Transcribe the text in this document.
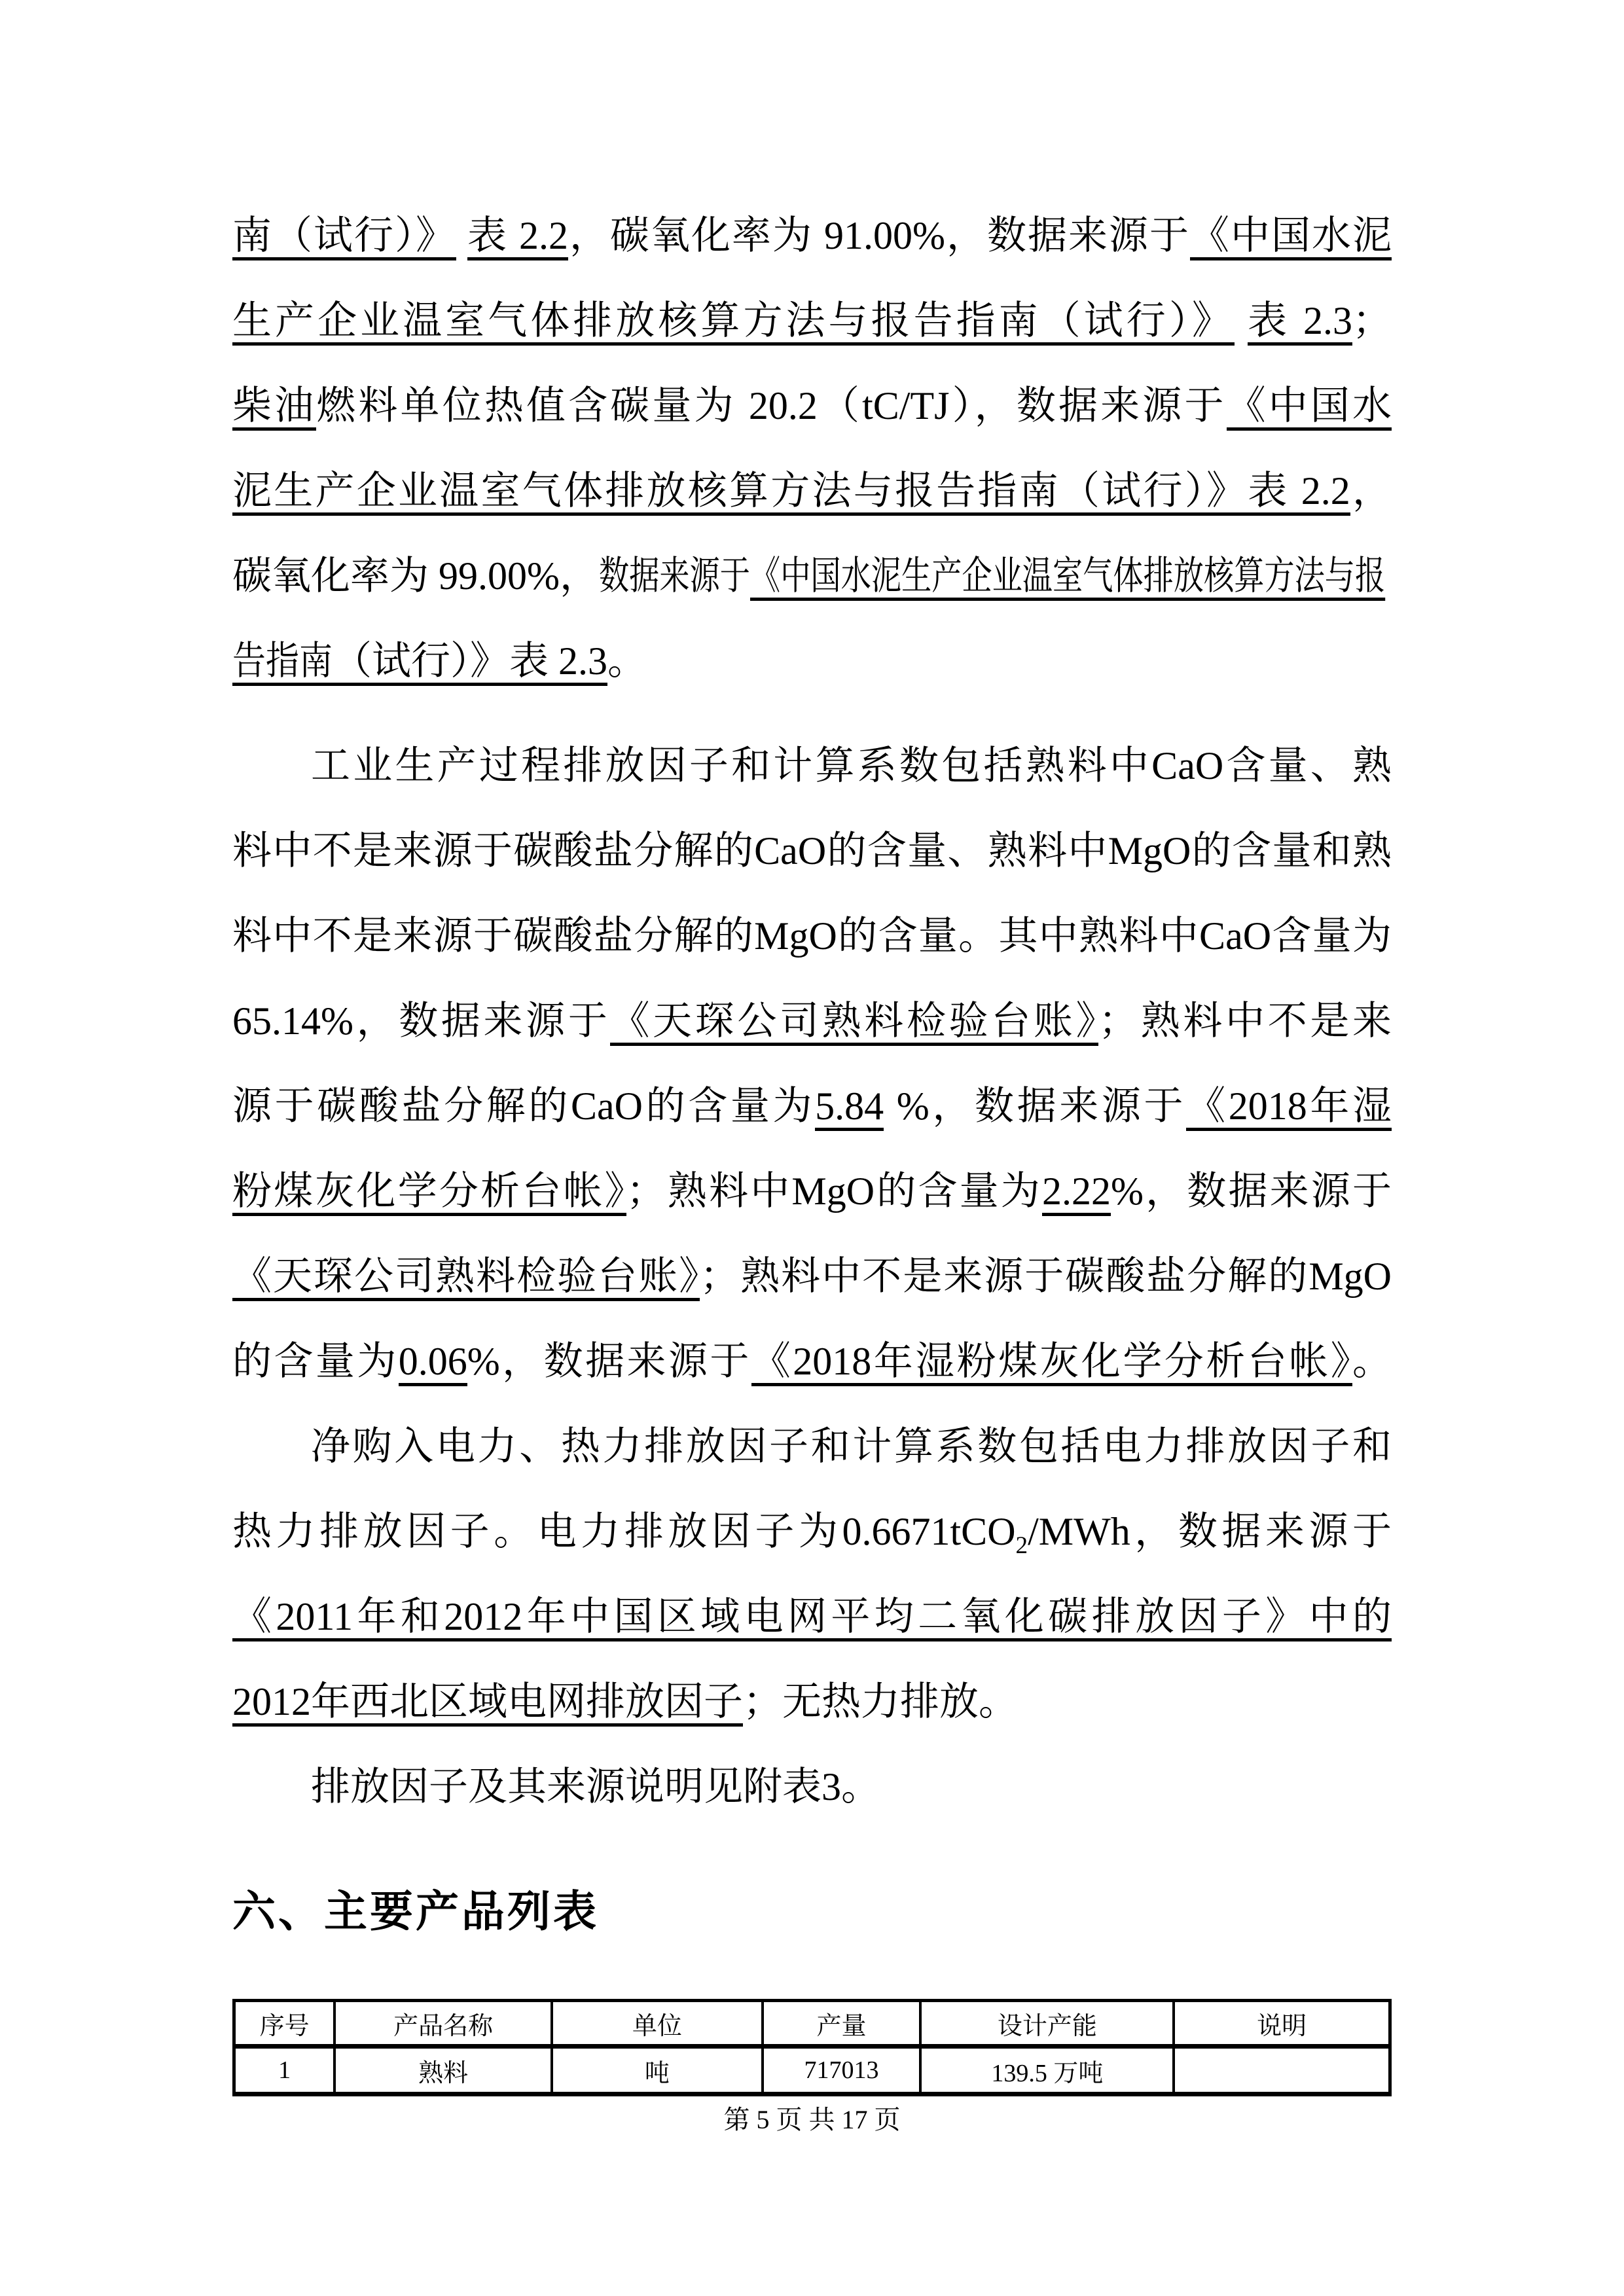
南（试行）》 表 2.2，碳氧化率为 91.00%，数据来源于《中国水泥
生产企业温室气体排放核算方法与报告指南（试行）》 表 2.3；
柴油燃料单位热值含碳量为 20.2（tC/TJ），数据来源于《中国水
泥生产企业温室气体排放核算方法与报告指南（试行）》表 2.2，
碳氧化率为 99.00%，数据来源于《中国水泥生产企业温室气体排放核算方法与报
告指南（试行）》表 2.3。
工业生产过程排放因子和计算系数包括熟料中CaO含量、熟
料中不是来源于碳酸盐分解的CaO的含量、熟料中MgO的含量和熟
料中不是来源于碳酸盐分解的MgO的含量。其中熟料中CaO含量为
65.14%，数据来源于《天琛公司熟料检验台账》；熟料中不是来
源于碳酸盐分解的CaO的含量为5.84 %，数据来源于《2018年湿
粉煤灰化学分析台帐》；熟料中MgO的含量为2.22%，数据来源于
《天琛公司熟料检验台账》；熟料中不是来源于碳酸盐分解的MgO
的含量为0.06%，数据来源于《2018年湿粉煤灰化学分析台帐》。
净购入电力、热力排放因子和计算系数包括电力排放因子和
热力排放因子。电力排放因子为0.6671tCO$_2$/MWh，数据来源于
《2011年和2012年中国区域电网平均二氧化碳排放因子》中的
2012年西北区域电网排放因子；无热力排放。
排放因子及其来源说明见附表3。
六、主要产品列表
序号	产品名称	单位	产量	设计产能	说明
1	熟料	吨	717013	139.5 万吨	
第 5 页 共 17 页
